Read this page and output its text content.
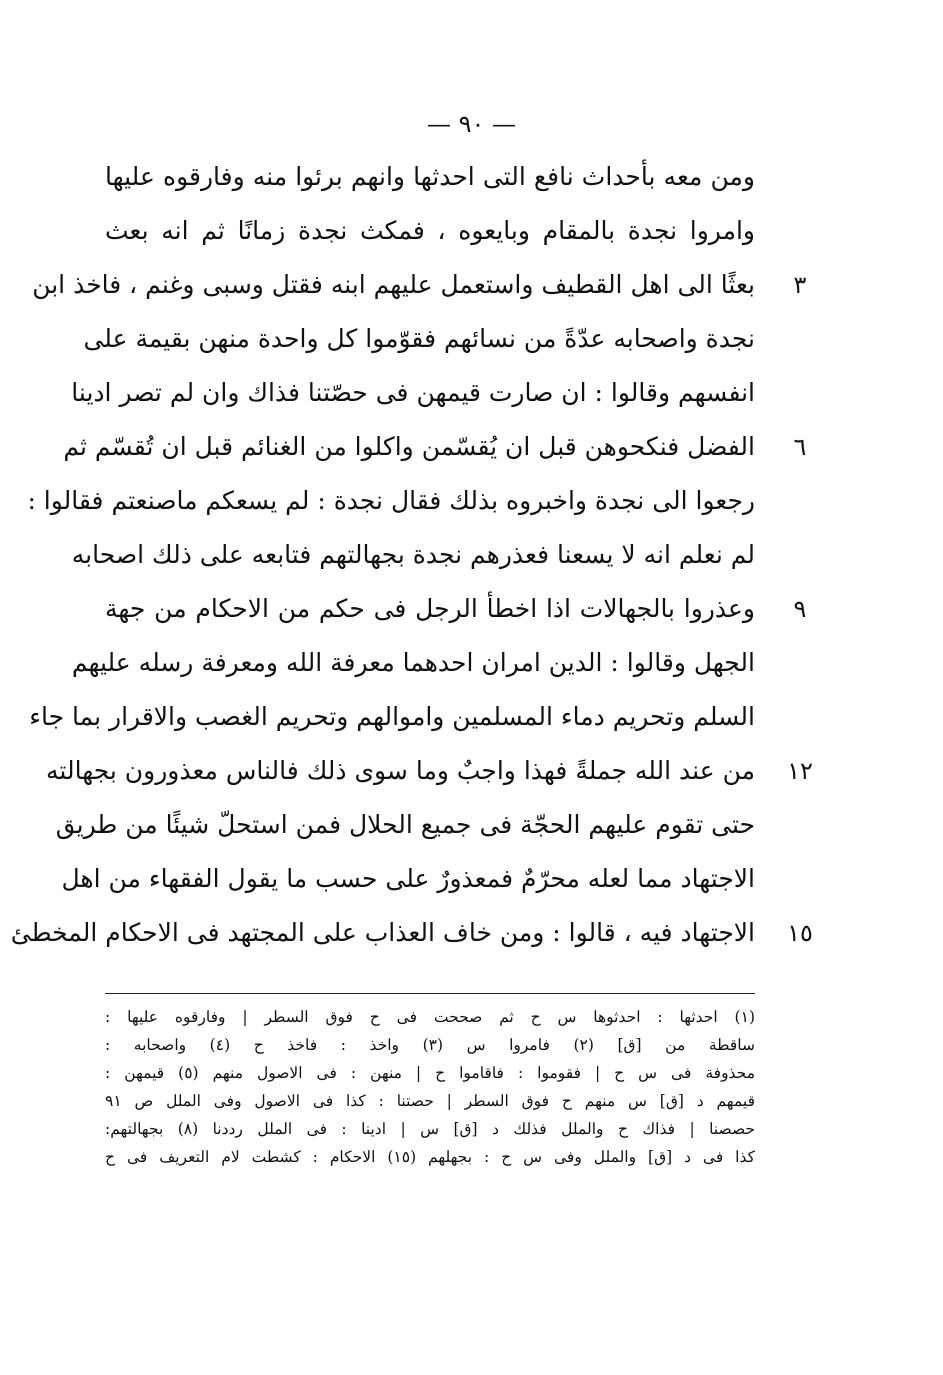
— ٩٠ —
ومن معه بأحداث نافع التى احدثها وانهم برئوا منه وفارقوه عليها
وامروا نجدة بالمقام وبايعوه ، فمكث نجدة زمانًا ثم انه بعث
بعثًا الى اهل القطيف واستعمل عليهم ابنه فقتل وسبى وغنم ، فاخذ ابن
نجدة واصحابه عدّةً من نسائهم فقوّموا كل واحدة منهن بقيمة على
انفسهم وقالوا : ان صارت قيمهن فى حصّتنا فذاك وان لم تصر ادينا
الفضل فنكحوهن قبل ان يُقسّمن واكلوا من الغنائم قبل ان تُقسّم ثم
رجعوا الى نجدة واخبروه بذلك فقال نجدة : لم يسعكم ماصنعتم فقالوا :
لم نعلم انه لا يسعنا فعذرهم نجدة بجهالتهم فتابعه على ذلك اصحابه
وعذروا بالجهالات اذا اخطأ الرجل فى حكم من الاحكام من جهة
الجهل وقالوا : الدين امران احدهما معرفة الله ومعرفة رسله عليهم
السلم وتحريم دماء المسلمين واموالهم وتحريم الغصب والاقرار بما جاء
من عند الله جملةً فهذا واجبٌ وما سوى ذلك فالناس معذورون بجهالته
حتى تقوم عليهم الحجّة فى جميع الحلال فمن استحلّ شيئًا من طريق
الاجتهاد مما لعله محرّمٌ فمعذورٌ على حسب ما يقول الفقهاء من اهل
الاجتهاد فيه ، قالوا : ومن خاف العذاب على المجتهد فى الاحكام المخطئ
(١) احدثها : احدثوها س ح ثم صححت فى ح فوق السطر | وفارقوه عليها :
ساقطة من [ق] (٢) فامروا س (٣) واخذ : فاخذ ح (٤) واصحابه :
محذوفة فى س ح | فقوموا : فاقاموا ح | منهن : فى الاصول منهم (٥) قيمهن :
قيمهم د [ق] س منهم ح فوق السطر | حصتنا : كذا فى الاصول وفى الملل ص ٩١
حصصنا | فذاك ح والملل فذلك د [ق] س | ادينا : فى الملل رددنا (٨) بجهالتهم:
كذا فى د [ق] والملل وفى س ح : بجهلهم (١٥) الاحكام : كشطت لام التعريف فى ح
٣
٦
٩
١٢
١٥
